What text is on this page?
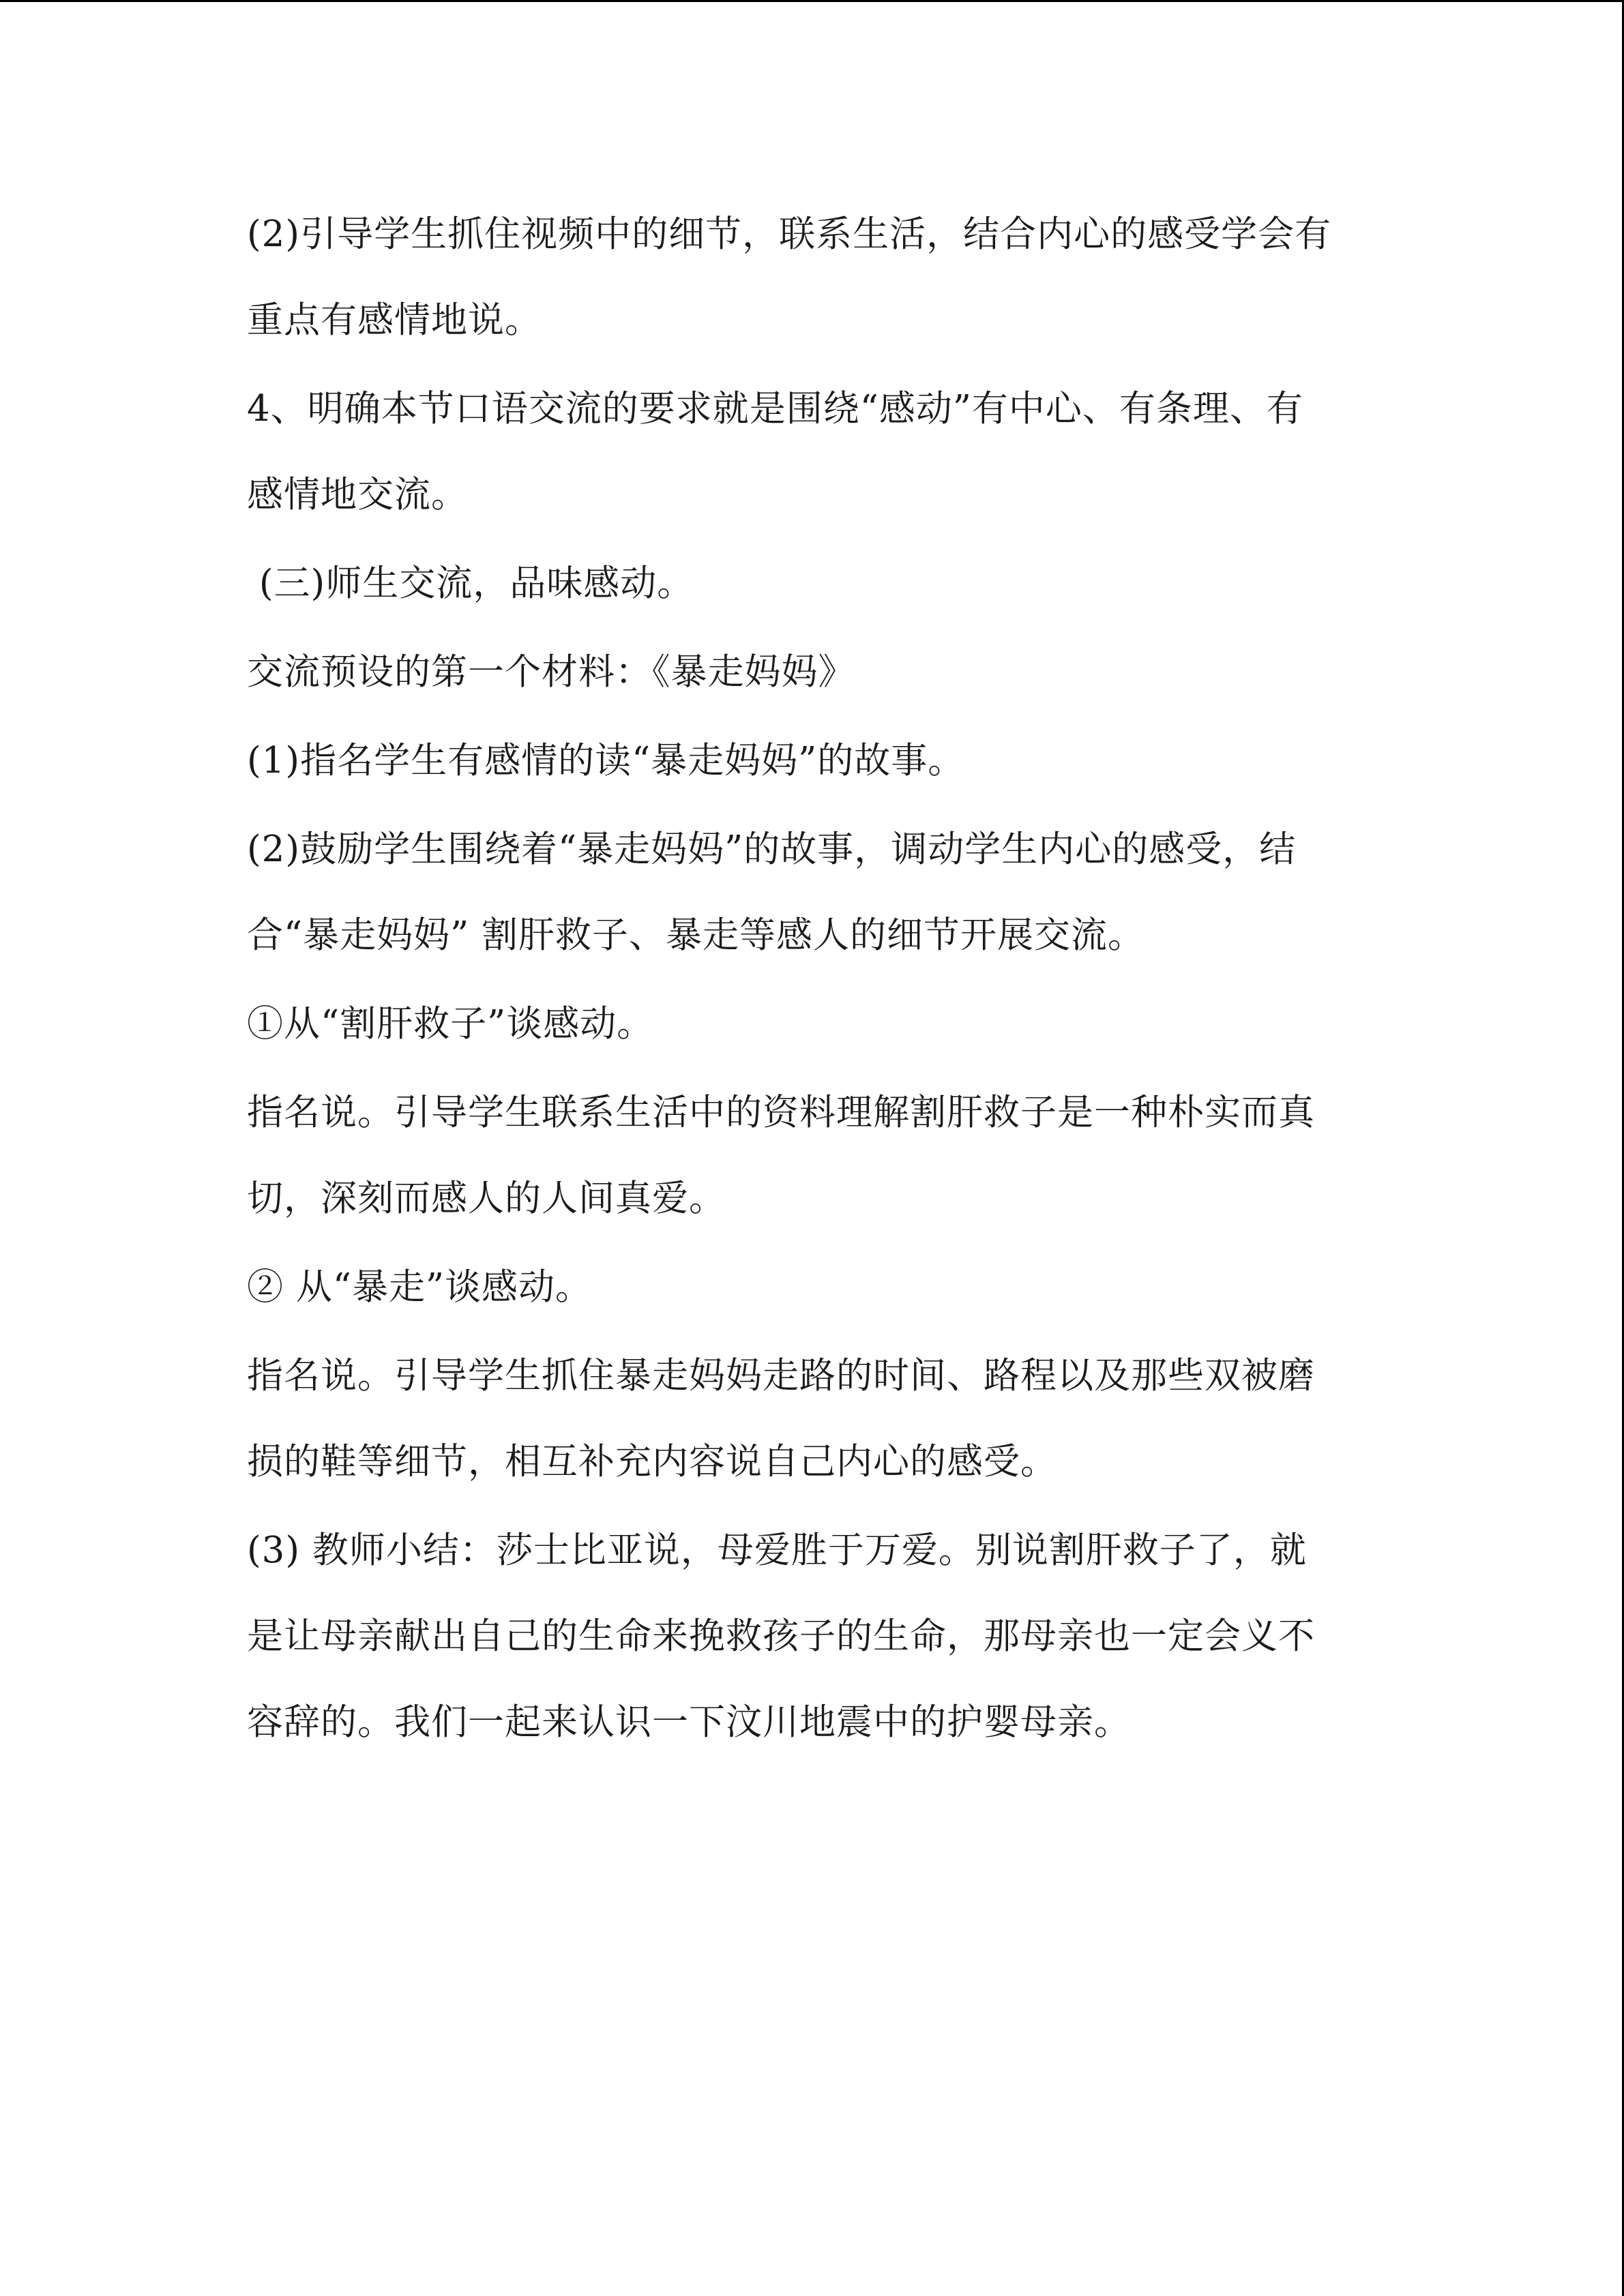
(2)引导学生抓住视频中的细节，联系生活，结合内心的感受学会有
重点有感情地说。
4、明确本节口语交流的要求就是围绕“感动”有中心、有条理、有
感情地交流。
(三)师生交流，品味感动。
交流预设的第一个材料：《暴走妈妈》
(1)指名学生有感情的读“暴走妈妈”的故事。
(2)鼓励学生围绕着“暴走妈妈”的故事，调动学生内心的感受，结
合“暴走妈妈” 割肝救子、暴走等感人的细节开展交流。
①从“割肝救子”谈感动。
指名说。引导学生联系生活中的资料理解割肝救子是一种朴实而真
切，深刻而感人的人间真爱。
② 从“暴走”谈感动。
指名说。引导学生抓住暴走妈妈走路的时间、路程以及那些双被磨
损的鞋等细节，相互补充内容说自己内心的感受。
(3) 教师小结：莎士比亚说，母爱胜于万爱。别说割肝救子了，就
是让母亲献出自己的生命来挽救孩子的生命，那母亲也一定会义不
容辞的。我们一起来认识一下汶川地震中的护婴母亲。
